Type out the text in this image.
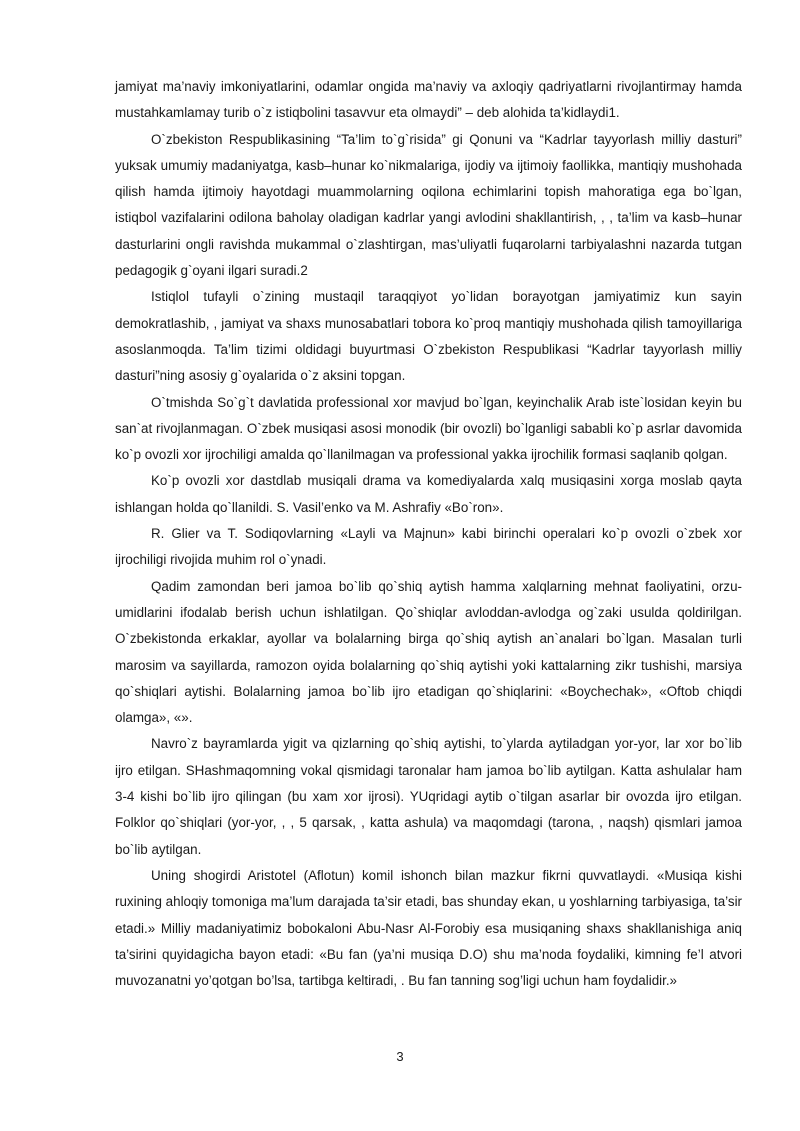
jamiyat ma’naviy imkoniyatlarini, odamlar ongida ma’naviy va axloqiy qadriyatlarni rivojlantirmay hamda mustahkamlamay turib o`z istiqbolini tasavvur eta olmaydi” – deb alohida ta’kidlaydi1.

O`zbekiston Respublikasining “Ta’lim to`g`risida” gi Qonuni va “Kadrlar tayyorlash milliy dasturi” yuksak umumiy madaniyatga, kasb–hunar ko`nikmalariga, ijodiy va ijtimoiy faollikka, mantiqiy mushohada qilish hamda ijtimoiy hayotdagi muammolarning oqilona echimlarini topish mahoratiga ega bo`lgan, istiqbol vazifalarini odilona baholay oladigan kadrlar yangi avlodini shakllantirish, , , ta’lim va kasb–hunar dasturlarini ongli ravishda mukammal o`zlashtirgan, mas’uliyatli fuqarolarni tarbiyalashni nazarda tutgan pedagogik g`oyani ilgari suradi.2

Istiqlol tufayli o`zining mustaqil taraqqiyot yo`lidan borayotgan jamiyatimiz kun sayin demokratlashib, , jamiyat va shaxs munosabatlari tobora ko`proq mantiqiy mushohada qilish tamoyillariga asoslanmoqda. Ta’lim tizimi oldidagi buyurtmasi O`zbekiston Respublikasi “Kadrlar tayyorlash milliy dasturi”ning asosiy g`oyalarida o`z aksini topgan.

O`tmishda So`g`t davlatida professional xor mavjud bo`lgan, keyinchalik Arab iste`losidan keyin bu san`at rivojlanmagan. O`zbek musiqasi asosi monodik (bir ovozli) bo`lganligi sababli ko`p asrlar davomida ko`p ovozli xor ijrochiligi amalda qo`llanilmagan va professional yakka ijrochilik formasi saqlanib qolgan.

Ko`p ovozli xor dastdlab musiqali drama va komediyalarda xalq musiqasini xorga moslab qayta ishlangan holda qo`llanildi. S. Vasil’enko va M. Ashrafiy «Bo`ron».

R. Glier va T. Sodiqovlarning «Layli va Majnun» kabi birinchi operalari ko`p ovozli o`zbek xor ijrochiligi rivojida muhim rol o`ynadi.

Qadim zamondan beri jamoa bo`lib qo`shiq aytish hamma xalqlarning mehnat faoliyatini, orzu-umidlarini ifodalab berish uchun ishlatilgan. Qo`shiqlar avloddan-avlodga og`zaki usulda qoldirilgan. O`zbekistonda erkaklar, ayollar va bolalarning birga qo`shiq aytish an`analari bo`lgan. Masalan turli marosim va sayillarda, ramozon oyida bolalarning qo`shiq aytishi yoki kattalarning zikr tushishi, marsiya qo`shiqlari aytishi. Bolalarning jamoa bo`lib ijro etadigan qo`shiqlarini: «Boychechak», «Oftob chiqdi olamga», «».

Navro`z bayramlarda yigit va qizlarning qo`shiq aytishi, to`ylarda aytiladgan yor-yor, lar xor bo`lib ijro etilgan. SHashmaqomning vokal qismidagi taronalar ham jamoa bo`lib aytilgan. Katta ashulalar ham 3-4 kishi bo`lib ijro qilingan (bu xam xor ijrosi). YUqridagi aytib o`tilgan asarlar bir ovozda ijro etilgan. Folklor qo`shiqlari (yor-yor, , , 5 qarsak, , katta ashula) va maqomdagi (tarona, , naqsh) qismlari jamoa bo`lib aytilgan.

Uning shogirdi Aristotel (Aflotun) komil ishonch bilan mazkur fikrni quvvatlaydi. «Musiqa kishi ruxining ahloqiy tomoniga ma’lum darajada ta’sir etadi, bas shunday ekan, u yoshlarning tarbiyasiga, ta’sir etadi.» Milliy madaniyatimiz bobokaloni Abu-Nasr Al-Forobiy esa musiqaning shaxs shakllanishiga aniq ta’sirini quyidagicha bayon etadi: «Bu fan (ya’ni musiqa D.O) shu ma’noda foydaliki, kimning fe’l atvori muvozanatni yo’qotgan bo’lsa, tartibga keltiradi, . Bu fan tanning sog’ligi uchun ham foydalidir.»

3
